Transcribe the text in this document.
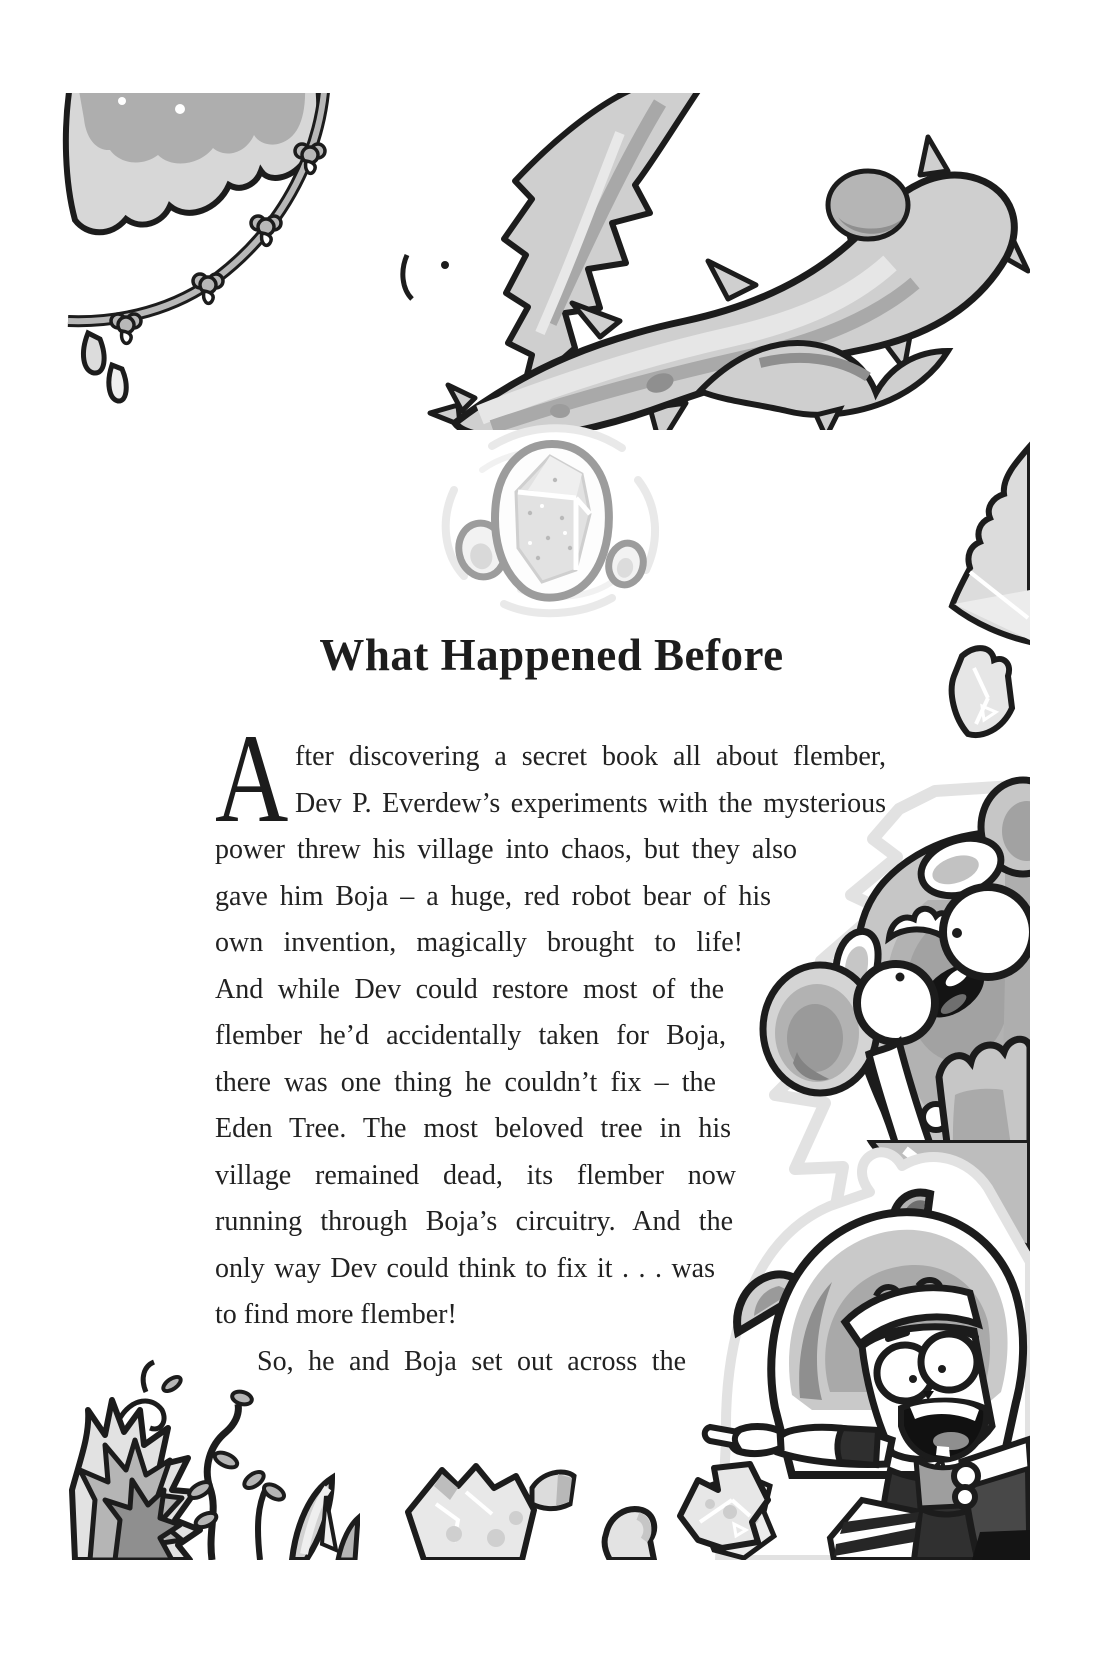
What Happened Before
A fter discovering a secret book all about flember,
Dev P. Everdew’s experiments with the mysterious
power threw his village into chaos, but they also
gave him Boja – a huge, red robot bear of his
own invention, magically brought to life!
And while Dev could restore most of the
flember he’d accidentally taken for Boja,
there was one thing he couldn’t fix – the
Eden Tree. The most beloved tree in his
village remained dead, its flember now
running through Boja’s circuitry. And the
only way Dev could think to fix it . . . was
to find more flember!
So, he and Boja set out across the
